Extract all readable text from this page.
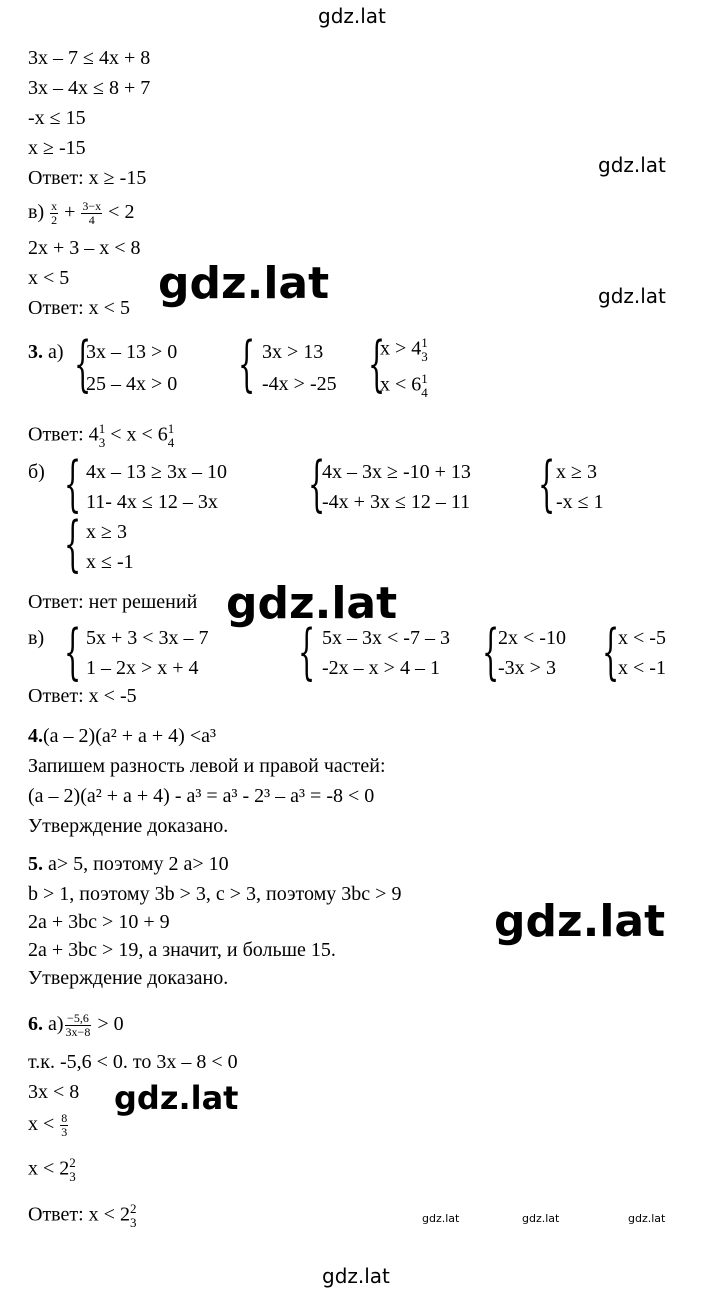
gdz.lat
gdz.lat
gdz.lat
gdz.lat
gdz.lat
gdz.lat
gdz.lat
gdz.lat	gdz.lat	gdz.lat
gdz.lat
3x – 7 ≤ 4x + 8
3x – 4x ≤ 8 + 7
-x ≤ 15
x ≥ -15
Ответ: x ≥ -15
$в) \frac{x}{2} + \frac{3-x}{4} < 2$
2x + 3 – x < 8
x < 5
Ответ: x < 5
3. а) {
3x – 13 > 0
25 – 4x > 0 { 3x > 13
-4x > -25 {
x > 4 1
3
x < 6 1
4
Ответ: 4 1
3 < x < 6 1
4
б) { 4x – 13 ≥ 3x – 10
11- 4x ≤ 12 – 3x {
4x – 3x ≥ -10 + 13
-4x + 3x ≤ 12 – 11 { x ≥ 3
-x ≤ 1
{ x ≥ 3
x ≤ -1
Ответ: нет решений
в) { 5x + 3 < 3x – 7
1 – 2x > x + 4 { 5x – 3x < -7 – 3
-2x – x > 4 – 1 {
2x < -10
-3x > 3 {
x < -5
x < -1
Ответ: x < -5
4.(a – 2)(a² + a + 4) <a³
Запишем разность левой и правой частей:
(a – 2)(a² + a + 4) - a³ = a³ - 2³ – a³ = -8 < 0
Утверждение доказано.
5. a> 5, поэтому 2 a> 10
b > 1, поэтому 3b > 3, c > 3, поэтому 3bc > 9
2a + 3bc > 10 + 9
2a + 3bc > 19, а значит, и больше 15.
Утверждение доказано.
6. $а) \frac{-5,6}{3x-8} > 0$
т.к. -5,6 < 0. то 3x – 8 < 0
3x < 8
$x < \frac{8}{3}$
x < 2 2
3
Ответ: x < 2 2
3
